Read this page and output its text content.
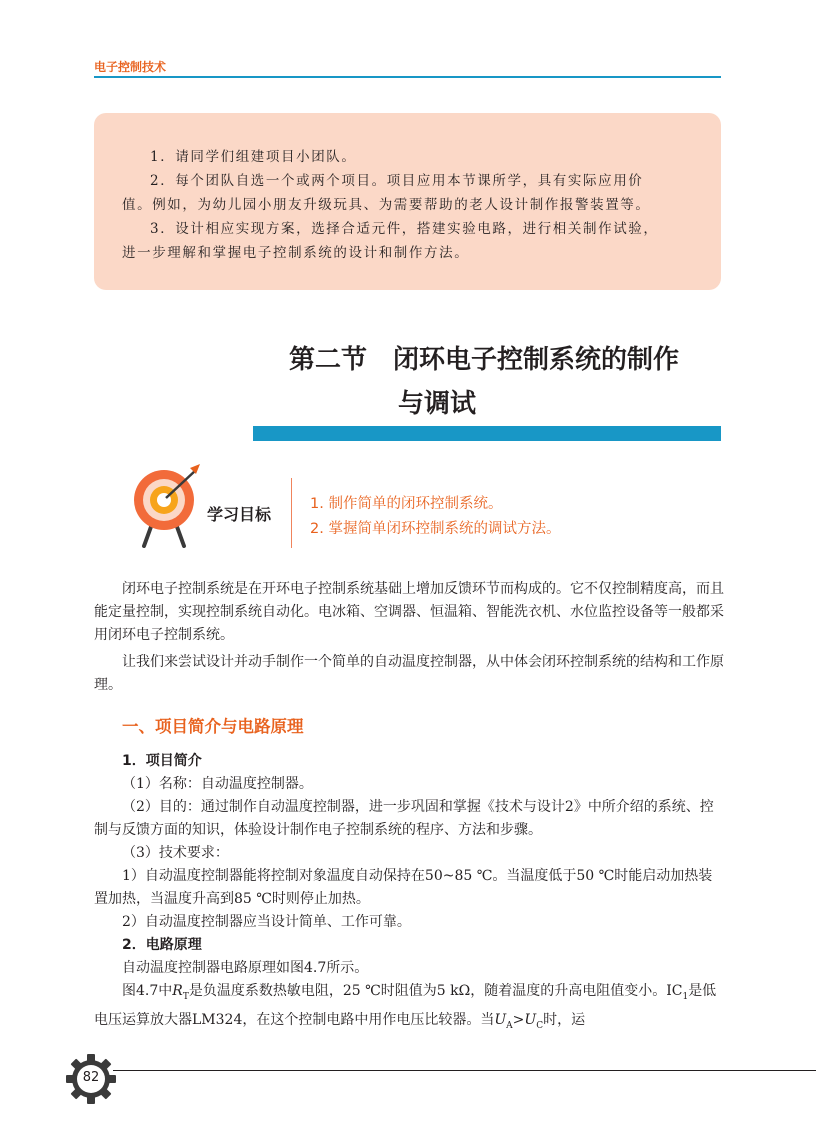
电子控制技术

1．请同学们组建项目小团队。

2．每个团队自选一个或两个项目。项目应用本节课所学，具有实际应用价

值。例如，为幼儿园小朋友升级玩具、为需要帮助的老人设计制作报警装置等。

3．设计相应实现方案，选择合适元件，搭建实验电路，进行相关制作试验，

进一步理解和掌握电子控制系统的设计和制作方法。

第二节　闭环电子控制系统的制作
与调试
学习目标
1. 制作简单的闭环控制系统。
2. 掌握简单闭环控制系统的调试方法。

闭环电子控制系统是在开环电子控制系统基础上增加反馈环节而构成的。它不仅控制精度高，而且能定量控制，实现控制系统自动化。电冰箱、空调器、恒温箱、智能洗衣机、水位监控设备等一般都采用闭环电子控制系统。

让我们来尝试设计并动手制作一个简单的自动温度控制器，从中体会闭环控制系统的结构和工作原理。

一、项目简介与电路原理

1．项目简介

（1）名称：自动温度控制器。

（2）目的：通过制作自动温度控制器，进一步巩固和掌握《技术与设计2》中所介绍的系统、控制与反馈方面的知识，体验设计制作电子控制系统的程序、方法和步骤。

（3）技术要求：

1）自动温度控制器能将控制对象温度自动保持在50~85 ℃。当温度低于50 ℃时能启动加热装置加热，当温度升高到85 ℃时则停止加热。

2）自动温度控制器应当设计简单、工作可靠。

2．电路原理

自动温度控制器电路原理如图4.7所示。

图4.7中$R_T$是负温度系数热敏电阻，25 ℃时阻值为5 kΩ，随着温度的升高电阻值变小。$IC_1$是低电压运算放大器LM324，在这个控制电路中用作电压比较器。当$U_A>U_C$时，运

82
